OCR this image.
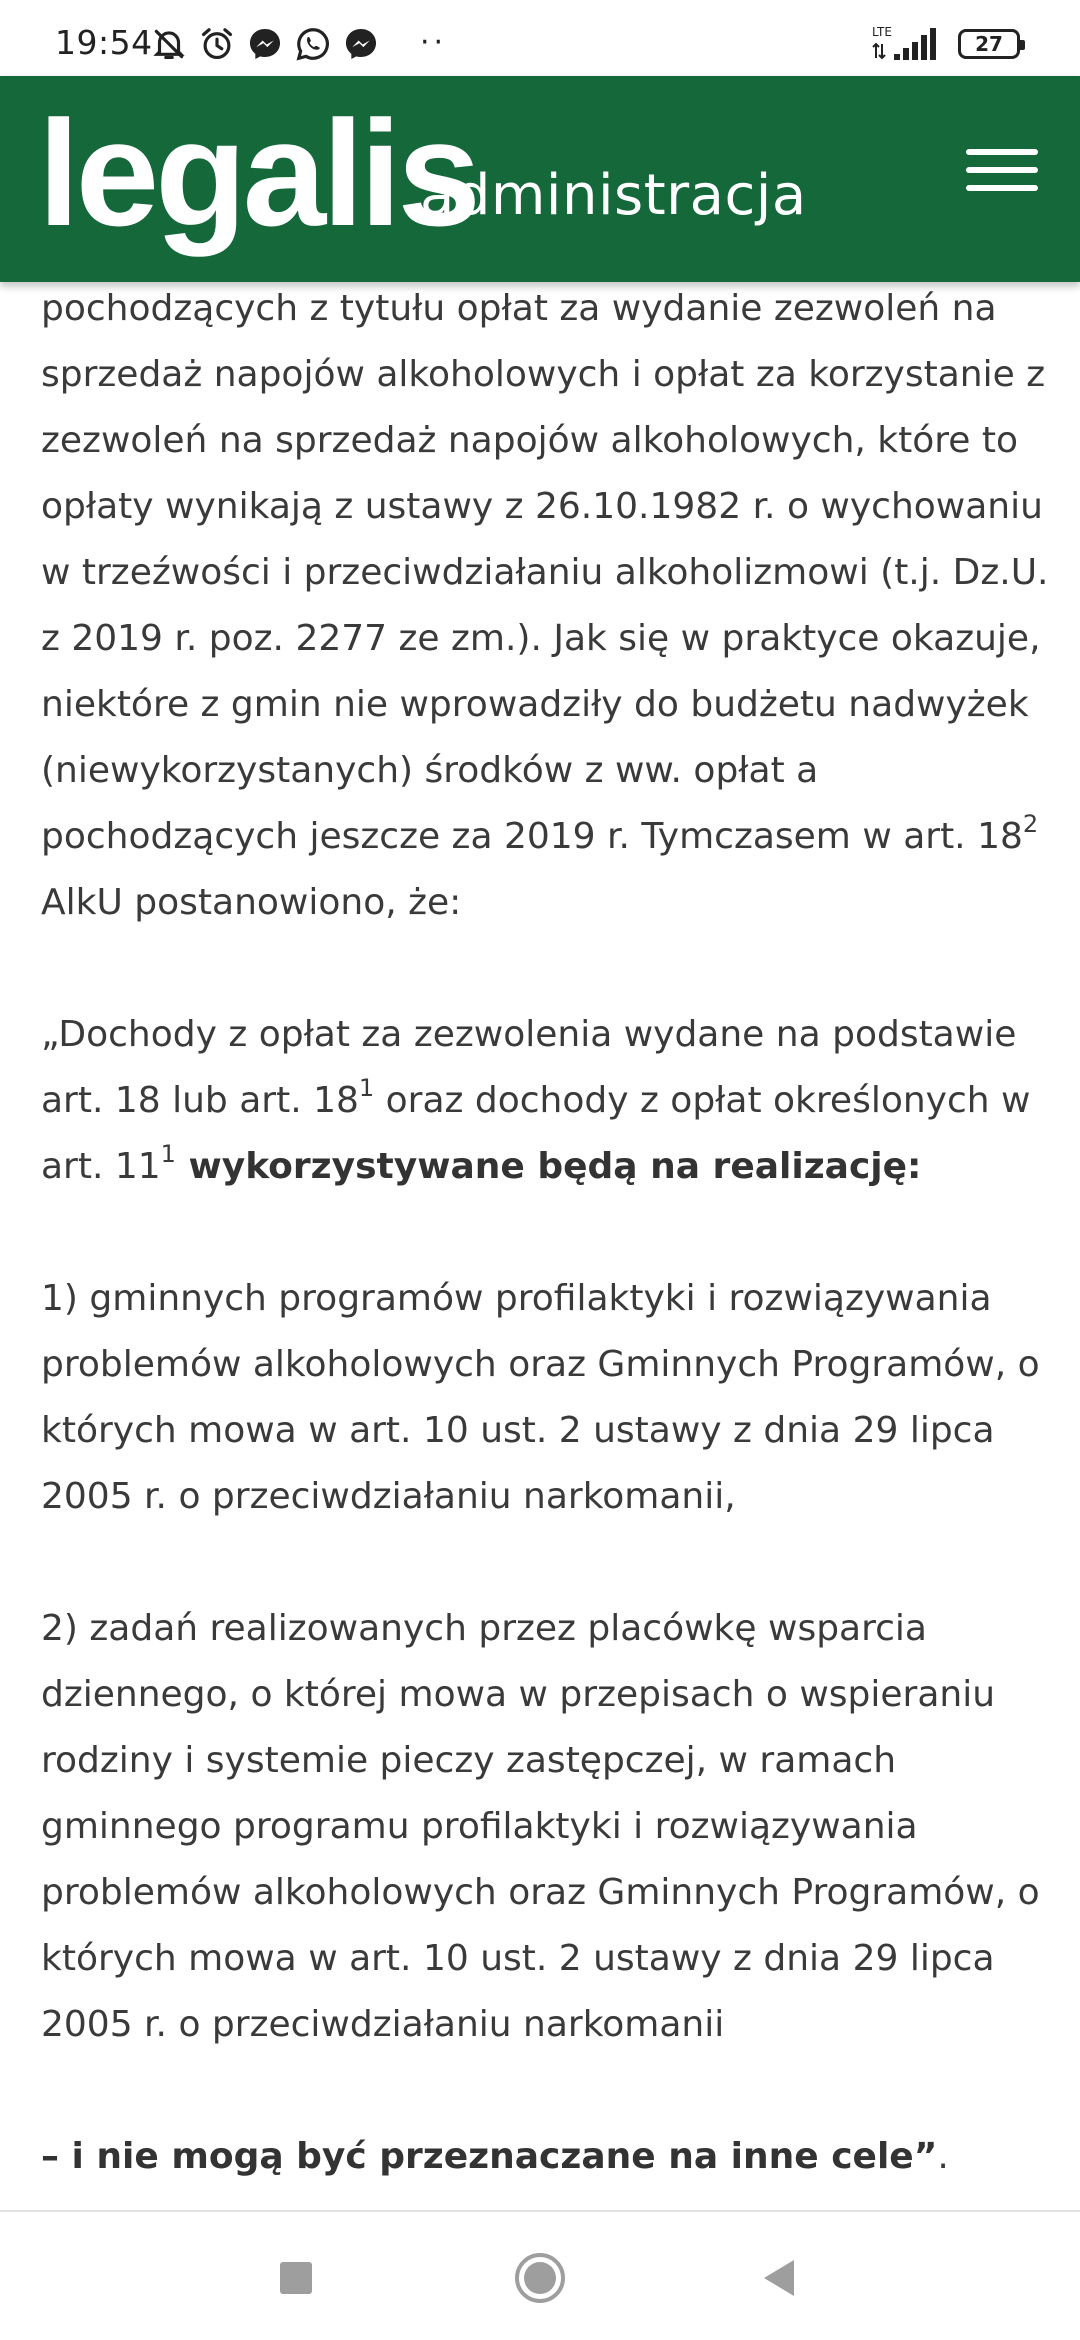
19:54	··	LTE	27
legalis
administracja

pochodzących z tytułu opłat za wydanie zezwoleń na sprzedaż napojów alkoholowych i opłat za korzystanie z zezwoleń na sprzedaż napojów alkoholowych, które to opłaty wynikają z ustawy z 26.10.1982 r. o wychowaniu w trzeźwości i przeciwdziałaniu alkoholizmowi (t.j. Dz.U. z 2019 r. poz. 2277 ze zm.). Jak się w praktyce okazuje, niektóre z gmin nie wprowadziły do budżetu nadwyżek (niewykorzystanych) środków z ww. opłat a pochodzących jeszcze za 2019 r. Tymczasem w art. $18^2$ AlkU postanowiono, że:

„Dochody z opłat za zezwolenia wydane na podstawie art. 18 lub art. $18^1$ oraz dochody z opłat określonych w art. $11^1$ wykorzystywane będą na realizację:

1) gminnych programów profilaktyki i rozwiązywania problemów alkoholowych oraz Gminnych Programów, o których mowa w art. 10 ust. 2 ustawy z dnia 29 lipca 2005 r. o przeciwdziałaniu narkomanii,

2) zadań realizowanych przez placówkę wsparcia dziennego, o której mowa w przepisach o wspieraniu rodziny i systemie pieczy zastępczej, w ramach gminnego programu profilaktyki i rozwiązywania problemów alkoholowych oraz Gminnych Programów, o których mowa w art. 10 ust. 2 ustawy z dnia 29 lipca 2005 r. o przeciwdziałaniu narkomanii

– i nie mogą być przeznaczane na inne cele”.
